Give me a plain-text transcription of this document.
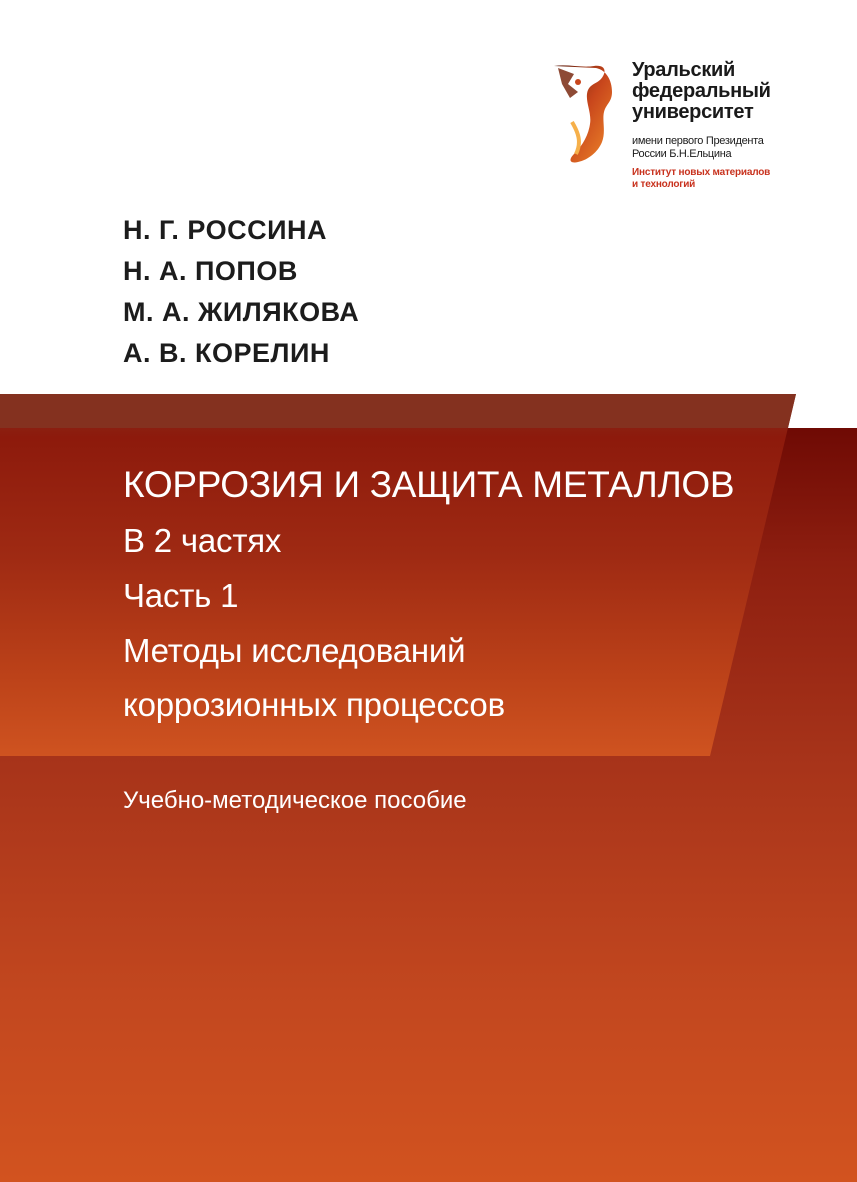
Уральский
федеральный
университет
имени первого Президента
России Б.Н.Ельцина
Институт новых материалов
и технологий
Н. Г. РОССИНА
Н. А. ПОПОВ
М. А. ЖИЛЯКОВА
А. В. КОРЕЛИН
КОРРОЗИЯ И ЗАЩИТА МЕТАЛЛОВ
В 2 частях
Часть 1
Методы исследований
коррозионных процессов
Учебно-методическое пособие
